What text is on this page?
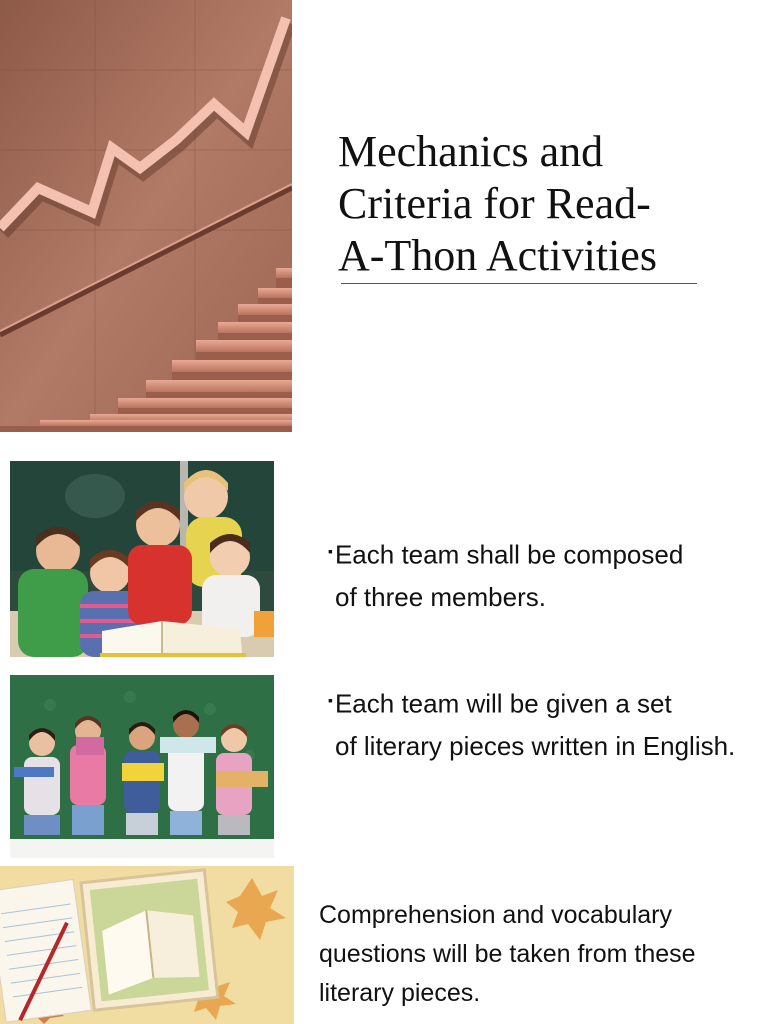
Mechanics and
Criteria for Read-
A-Thon Activities
▪Each team shall be composed
of three members.
▪Each team will be given a set
of literary pieces written in English.
Comprehension and vocabulary questions will be taken from these literary pieces.
